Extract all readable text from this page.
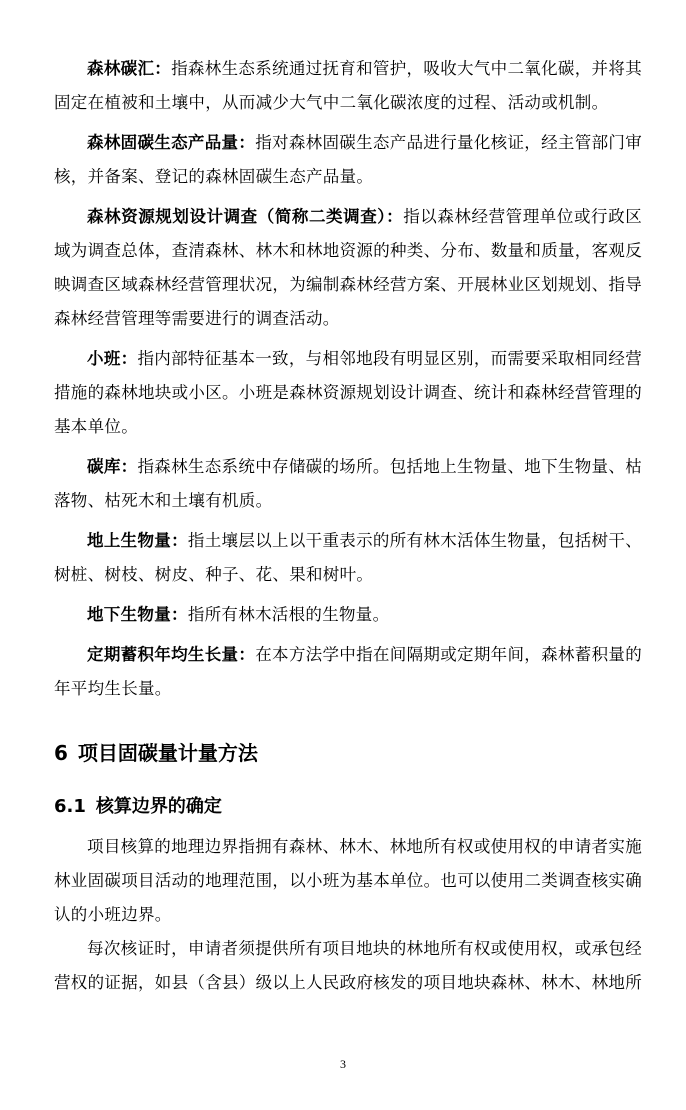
森林碳汇：指森林生态系统通过抚育和管护，吸收大气中二氧化碳，并将其固定在植被和土壤中，从而减少大气中二氧化碳浓度的过程、活动或机制。

森林固碳生态产品量：指对森林固碳生态产品进行量化核证，经主管部门审核，并备案、登记的森林固碳生态产品量。

森林资源规划设计调查（简称二类调查）：指以森林经营管理单位或行政区域为调查总体，查清森林、林木和林地资源的种类、分布、数量和质量，客观反映调查区域森林经营管理状况，为编制森林经营方案、开展林业区划规划、指导森林经营管理等需要进行的调查活动。

小班：指内部特征基本一致，与相邻地段有明显区别，而需要采取相同经营措施的森林地块或小区。小班是森林资源规划设计调查、统计和森林经营管理的基本单位。

碳库：指森林生态系统中存储碳的场所。包括地上生物量、地下生物量、枯落物、枯死木和土壤有机质。

地上生物量：指土壤层以上以干重表示的所有林木活体生物量，包括树干、树桩、树枝、树皮、种子、花、果和树叶。

地下生物量：指所有林木活根的生物量。

定期蓄积年均生长量：在本方法学中指在间隔期或定期年间，森林蓄积量的年平均生长量。

6 项目固碳量计量方法
6.1 核算边界的确定

项目核算的地理边界指拥有森林、林木、林地所有权或使用权的申请者实施林业固碳项目活动的地理范围，以小班为基本单位。也可以使用二类调查核实确认的小班边界。

每次核证时，申请者须提供所有项目地块的林地所有权或使用权，或承包经营权的证据，如县（含县）级以上人民政府核发的项目地块森林、林木、林地所

3
